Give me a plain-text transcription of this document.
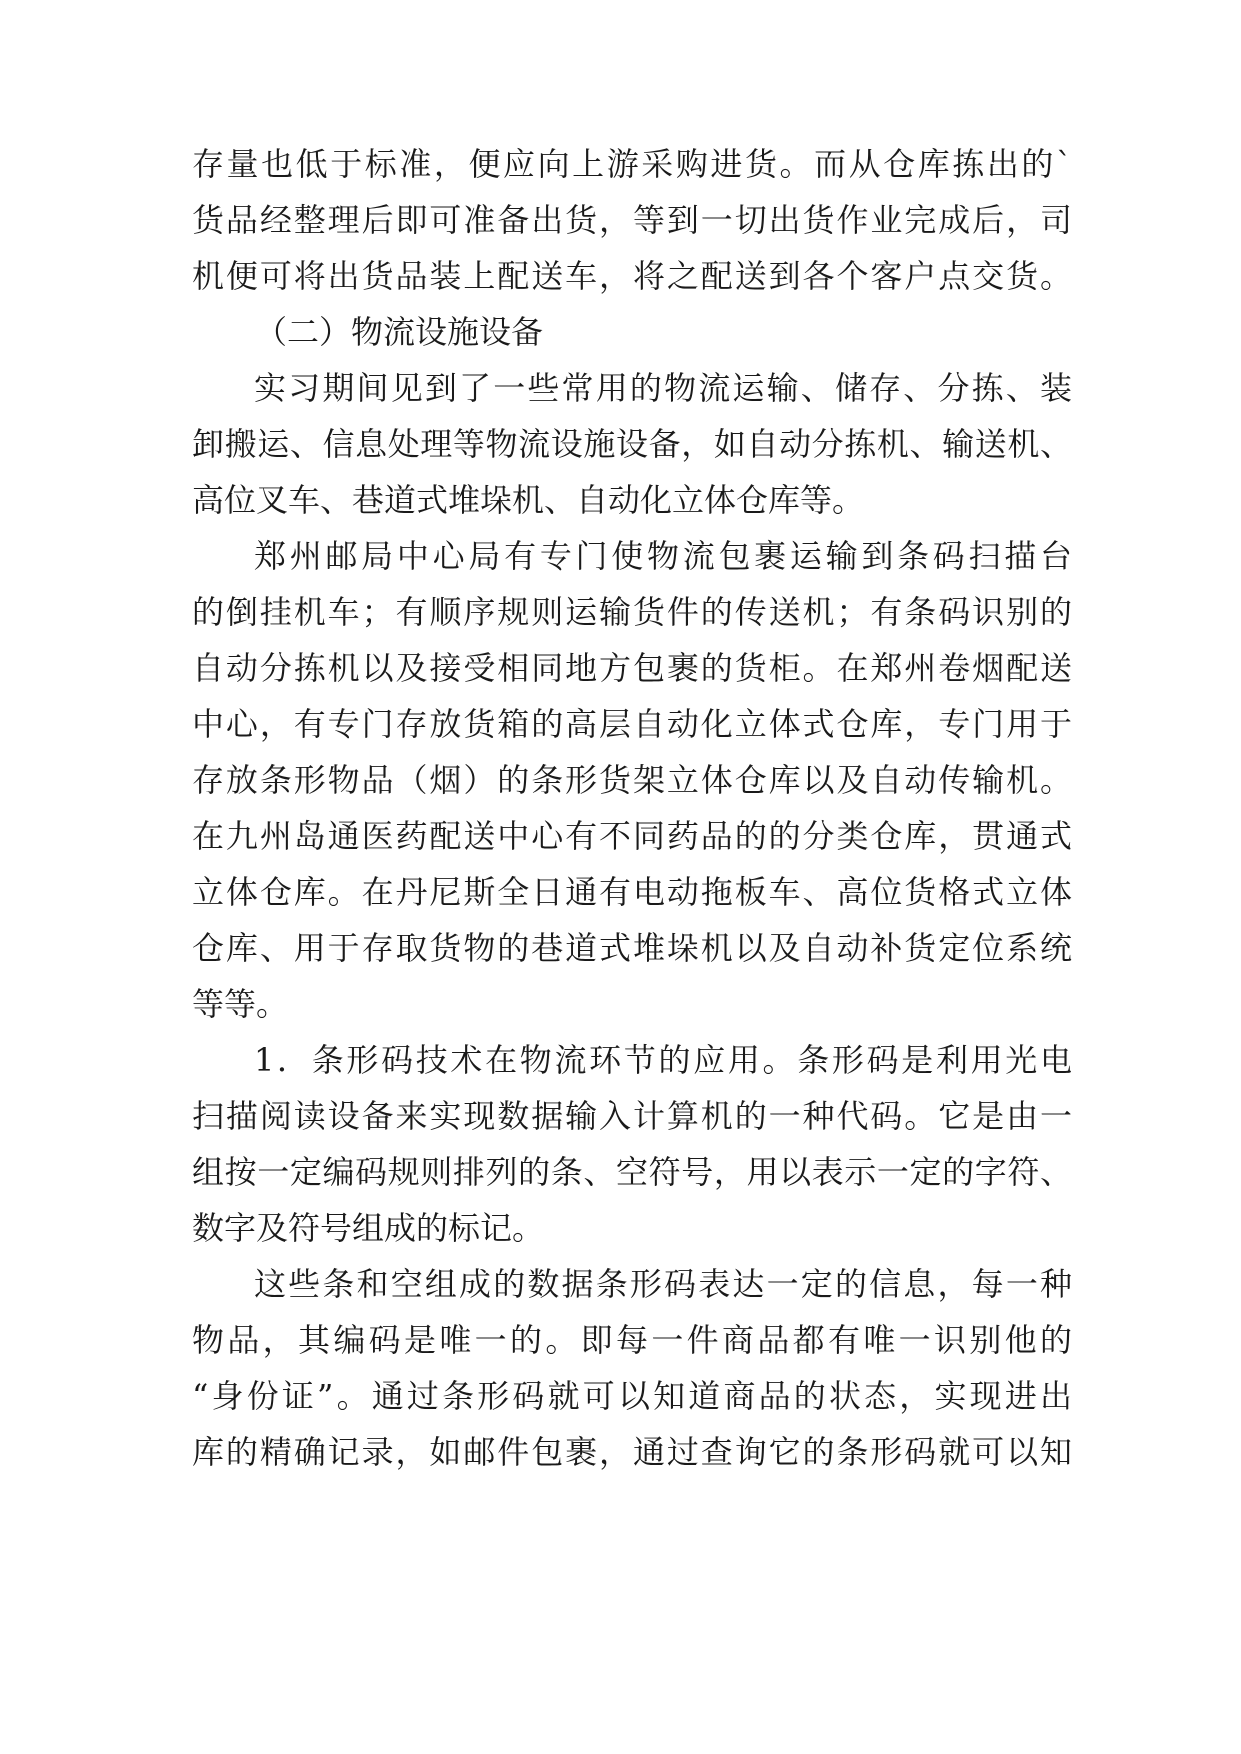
存量也低于标准，便应向上游采购进货。而从仓库拣出的`
货品经整理后即可准备出货，等到一切出货作业完成后，司
机便可将出货品装上配送车，将之配送到各个客户点交货。
（二）物流设施设备
实习期间见到了一些常用的物流运输、储存、分拣、装
卸搬运、信息处理等物流设施设备，如自动分拣机、输送机、
高位叉车、巷道式堆垛机、自动化立体仓库等。
郑州邮局中心局有专门使物流包裹运输到条码扫描台
的倒挂机车；有顺序规则运输货件的传送机；有条码识别的
自动分拣机以及接受相同地方包裹的货柜。在郑州卷烟配送
中心，有专门存放货箱的高层自动化立体式仓库，专门用于
存放条形物品（烟）的条形货架立体仓库以及自动传输机。
在九州岛通医药配送中心有不同药品的的分类仓库，贯通式
立体仓库。在丹尼斯全日通有电动拖板车、高位货格式立体
仓库、用于存取货物的巷道式堆垛机以及自动补货定位系统
等等。
1．条形码技术在物流环节的应用。条形码是利用光电
扫描阅读设备来实现数据输入计算机的一种代码。它是由一
组按一定编码规则排列的条、空符号，用以表示一定的字符、
数字及符号组成的标记。
这些条和空组成的数据条形码表达一定的信息，每一种
物品，其编码是唯一的。即每一件商品都有唯一识别他的
“身份证”。通过条形码就可以知道商品的状态，实现进出
库的精确记录，如邮件包裹，通过查询它的条形码就可以知
